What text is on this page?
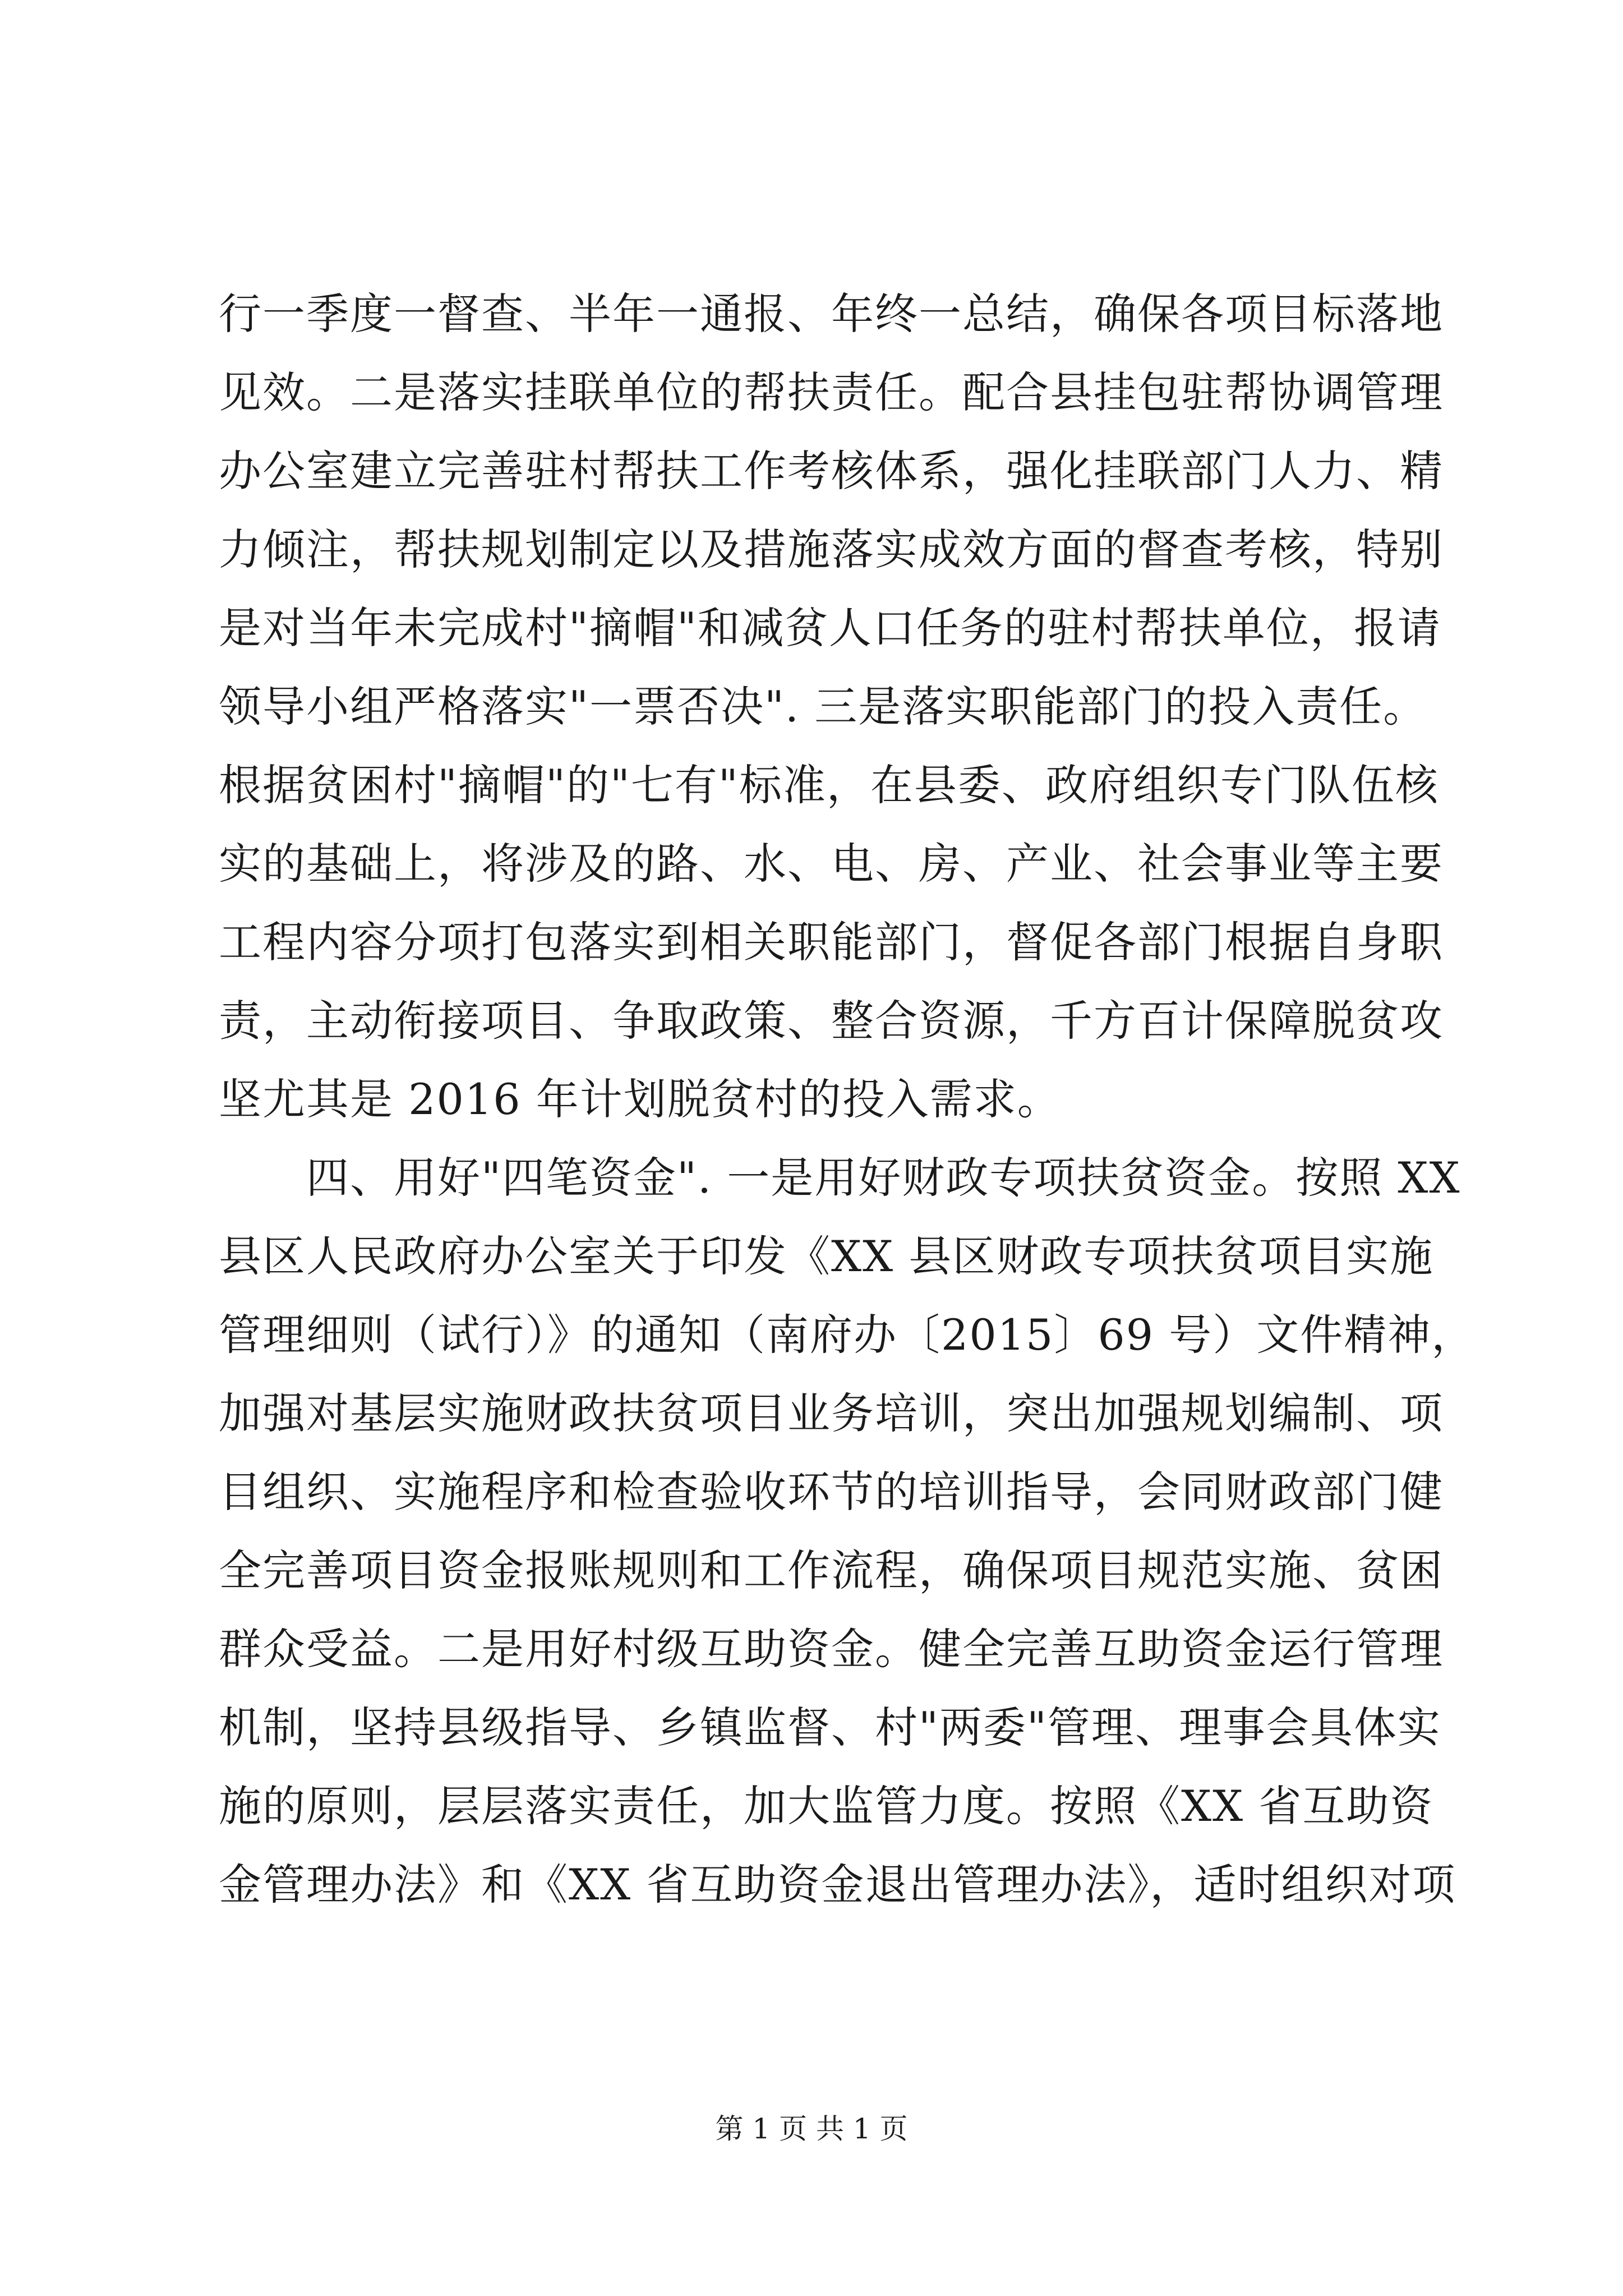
行一季度一督查、半年一通报、年终一总结，确保各项目标落地
见效。二是落实挂联单位的帮扶责任。配合县挂包驻帮协调管理
办公室建立完善驻村帮扶工作考核体系，强化挂联部门人力、精
力倾注，帮扶规划制定以及措施落实成效方面的督查考核，特别
是对当年未完成村"摘帽"和减贫人口任务的驻村帮扶单位，报请
领导小组严格落实"一票否决". 三是落实职能部门的投入责任。
根据贫困村"摘帽"的"七有"标准，在县委、政府组织专门队伍核
实的基础上，将涉及的路、水、电、房、产业、社会事业等主要
工程内容分项打包落实到相关职能部门，督促各部门根据自身职
责，主动衔接项目、争取政策、整合资源，千方百计保障脱贫攻
坚尤其是 2016 年计划脱贫村的投入需求。
　　四、用好"四笔资金". 一是用好财政专项扶贫资金。按照 XX
县区人民政府办公室关于印发《XX 县区财政专项扶贫项目实施
管理细则（试行）》的通知（南府办〔2015〕69 号）文件精神，
加强对基层实施财政扶贫项目业务培训，突出加强规划编制、项
目组织、实施程序和检查验收环节的培训指导，会同财政部门健
全完善项目资金报账规则和工作流程，确保项目规范实施、贫困
群众受益。二是用好村级互助资金。健全完善互助资金运行管理
机制，坚持县级指导、乡镇监督、村"两委"管理、理事会具体实
施的原则，层层落实责任，加大监管力度。按照《XX 省互助资
金管理办法》和《XX 省互助资金退出管理办法》，适时组织对项
第 1 页 共 1 页
